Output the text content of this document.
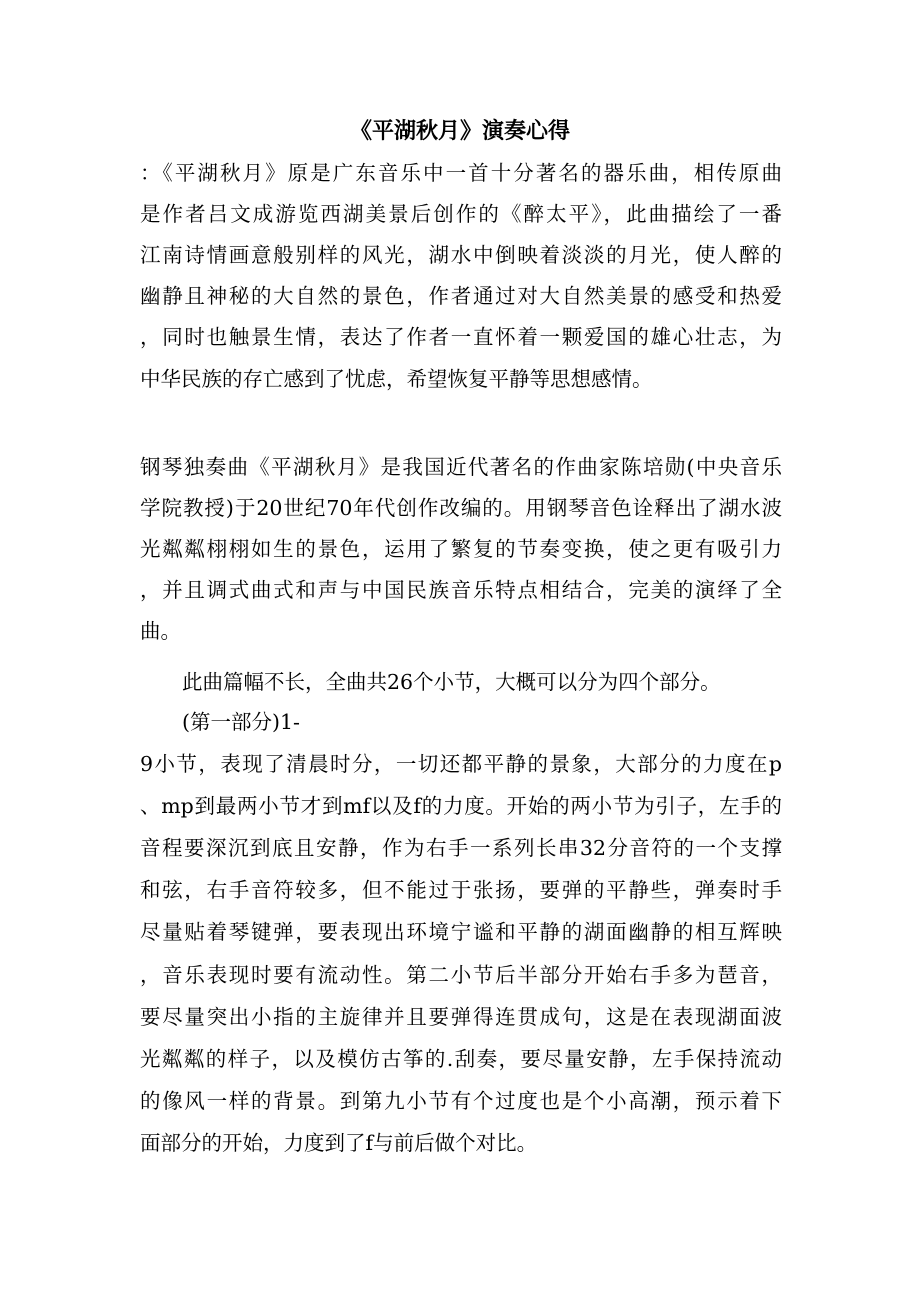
《平湖秋月》演奏心得
：《平湖秋月》原是广东音乐中一首十分著名的器乐曲，相传原曲
是作者吕文成游览西湖美景后创作的《醉太平》，此曲描绘了一番
江南诗情画意般别样的风光，湖水中倒映着淡淡的月光，使人醉的
幽静且神秘的大自然的景色，作者通过对大自然美景的感受和热爱
，同时也触景生情，表达了作者一直怀着一颗爱国的雄心壮志，为
中华民族的存亡感到了忧虑，希望恢复平静等思想感情。
钢琴独奏曲《平湖秋月》是我国近代著名的作曲家陈培勋(中央音乐
学院教授)于20世纪70年代创作改编的。用钢琴音色诠释出了湖水波
光粼粼栩栩如生的景色，运用了繁复的节奏变换，使之更有吸引力
，并且调式曲式和声与中国民族音乐特点相结合，完美的演绎了全
曲。
此曲篇幅不长，全曲共26个小节，大概可以分为四个部分。
(第一部分)1-
9小节，表现了清晨时分，一切还都平静的景象，大部分的力度在p
、mp到最两小节才到mf以及f的力度。开始的两小节为引子，左手的
音程要深沉到底且安静，作为右手一系列长串32分音符的一个支撑
和弦，右手音符较多，但不能过于张扬，要弹的平静些，弹奏时手
尽量贴着琴键弹，要表现出环境宁谧和平静的湖面幽静的相互辉映
，音乐表现时要有流动性。第二小节后半部分开始右手多为琶音，
要尽量突出小指的主旋律并且要弹得连贯成句，这是在表现湖面波
光粼粼的样子，以及模仿古筝的.刮奏，要尽量安静，左手保持流动
的像风一样的背景。到第九小节有个过度也是个小高潮，预示着下
面部分的开始，力度到了f与前后做个对比。
